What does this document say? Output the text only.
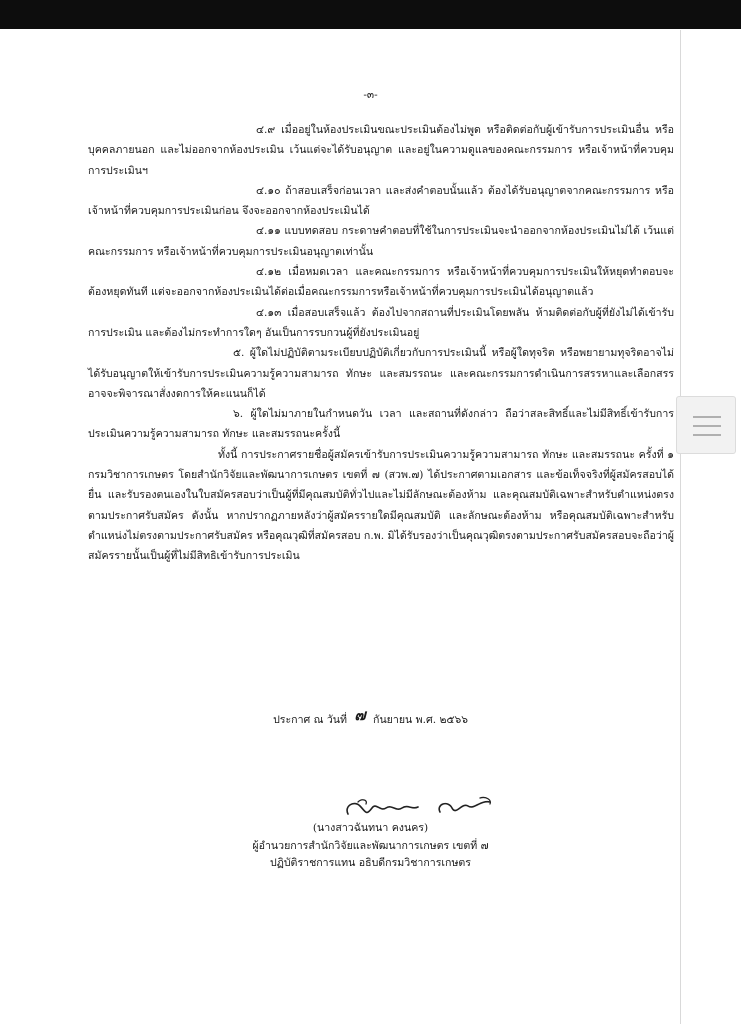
-๓-

๔.๙ เมื่ออยู่ในห้องประเมินขณะประเมินต้องไม่พูด หรือติดต่อกับผู้เข้ารับการประเมินอื่น หรือบุคคลภายนอก และไม่ออกจากห้องประเมิน เว้นแต่จะได้รับอนุญาต และอยู่ในความดูแลของคณะกรรมการ หรือเจ้าหน้าที่ควบคุมการประเมินฯ

๔.๑๐ ถ้าสอบเสร็จก่อนเวลา และส่งคำตอบนั้นแล้ว ต้องได้รับอนุญาตจากคณะกรรมการ หรือเจ้าหน้าที่ควบคุมการประเมินก่อน จึงจะออกจากห้องประเมินได้

๔.๑๑ แบบทดสอบ กระดาษคำตอบที่ใช้ในการประเมินจะนำออกจากห้องประเมินไม่ได้ เว้นแต่คณะกรรมการ หรือเจ้าหน้าที่ควบคุมการประเมินอนุญาตเท่านั้น

๔.๑๒ เมื่อหมดเวลา และคณะกรรมการ หรือเจ้าหน้าที่ควบคุมการประเมินให้หยุดทำตอบจะต้องหยุดทันที แต่จะออกจากห้องประเมินได้ต่อเมื่อคณะกรรมการหรือเจ้าหน้าที่ควบคุมการประเมินได้อนุญาตแล้ว

๔.๑๓ เมื่อสอบเสร็จแล้ว ต้องไปจากสถานที่ประเมินโดยพลัน ห้ามติดต่อกับผู้ที่ยังไม่ได้เข้ารับการประเมิน และต้องไม่กระทำการใดๆ อันเป็นการรบกวนผู้ที่ยังประเมินอยู่

๕. ผู้ใดไม่ปฏิบัติตามระเบียบปฏิบัติเกี่ยวกับการประเมินนี้ หรือผู้ใดทุจริต หรือพยายามทุจริตอาจไม่ได้รับอนุญาตให้เข้ารับการประเมินความรู้ความสามารถ ทักษะ และสมรรถนะ และคณะกรรมการดำเนินการสรรหาและเลือกสรรอาจจะพิจารณาสั่งงดการให้คะแนนก็ได้

๖. ผู้ใดไม่มาภายในกำหนดวัน เวลา และสถานที่ดังกล่าว ถือว่าสละสิทธิ์และไม่มีสิทธิ์เข้ารับการประเมินความรู้ความสามารถ ทักษะ และสมรรถนะครั้งนี้

ทั้งนี้ การประกาศรายชื่อผู้สมัครเข้ารับการประเมินความรู้ความสามารถ ทักษะ และสมรรถนะ ครั้งที่ ๑ กรมวิชาการเกษตร โดยสำนักวิจัยและพัฒนาการเกษตร เขตที่ ๗ (สวพ.๗) ได้ประกาศตามเอกสาร และข้อเท็จจริงที่ผู้สมัครสอบได้ยื่น และรับรองตนเองในใบสมัครสอบว่าเป็นผู้ที่มีคุณสมบัติทั่วไปและไม่มีลักษณะต้องห้าม และคุณสมบัติเฉพาะสำหรับตำแหน่งตรงตามประกาศรับสมัคร ดังนั้น หากปรากฏภายหลังว่าผู้สมัครรายใดมีคุณสมบัติ และลักษณะต้องห้าม หรือคุณสมบัติเฉพาะสำหรับตำแหน่งไม่ตรงตามประกาศรับสมัคร หรือคุณวุฒิที่สมัครสอบ ก.พ. มิได้รับรองว่าเป็นคุณวุฒิตรงตามประกาศรับสมัครสอบจะถือว่าผู้สมัครรายนั้นเป็นผู้ที่ไม่มีสิทธิเข้ารับการประเมิน

ประกาศ ณ วันที่ ๗ กันยายน พ.ศ. ๒๕๖๖
(นางสาวฉันทนา คงนคร)
ผู้อำนวยการสำนักวิจัยและพัฒนาการเกษตร เขตที่ ๗
ปฏิบัติราชการแทน อธิบดีกรมวิชาการเกษตร
